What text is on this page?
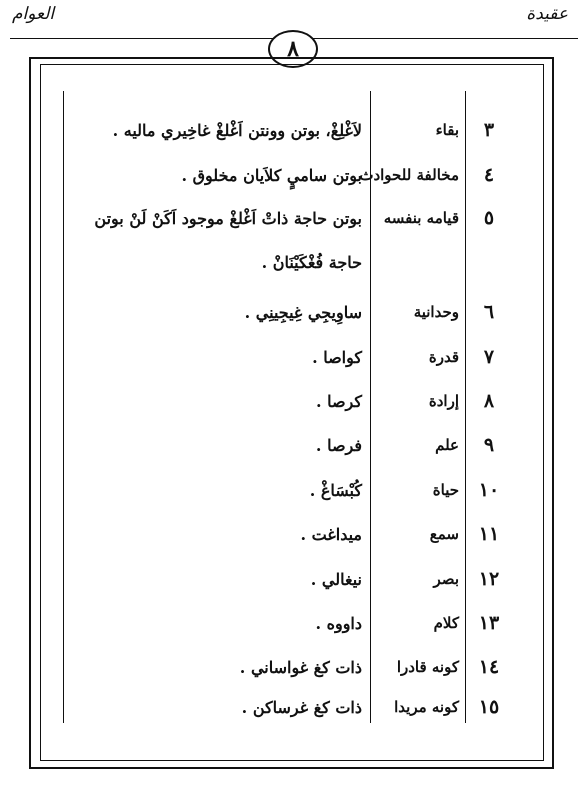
العوام	عقيدة
٨
٣
بقاء
لاَغْلِغْ، بوتن وونتن اَغْلغْ غاخِيري ماليه .
٤
مخالفة للحوادث
بوتن ساميٍ كلاَيان مخلوق .
٥
قيامه بنفسه
بوتن حاجة ذاتْ اَغْلغْ موجود اَكَنْ لَنْ بوتن
حاجة فُغْكَيْنَانْ .
٦
وحدانية
ساوِيجِي غِيجِينِي .
٧
قدرة
كواصا .
٨
إرادة
كرصا .
٩
علم
فرصا .
١٠
حياة
كُبْسَاغْ .
١١
سمع
ميداغت .
١٢
بصر
نيغالي .
١٣
كلام
داووه .
١٤
كونه قادرا
ذات كغ غواساني .
١٥
كونه مريدا
ذات كغ غرساكن .
